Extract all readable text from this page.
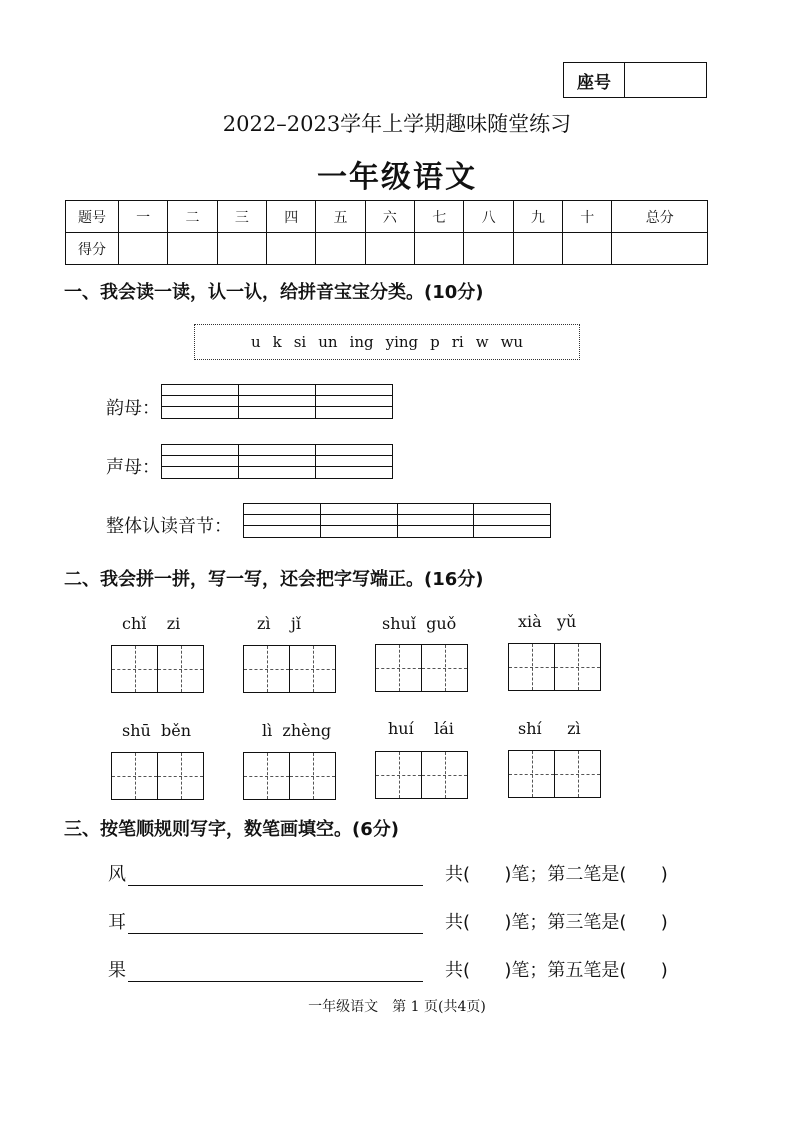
座号
2022–2023学年上学期趣味随堂练习
一年级语文
题号	一	二	三	四	五	六	七	八	九	十	总分
得分											
一、我会读一读，认一认，给拼音宝宝分类。(10分)
u k si un ing ying p ri w wu
韵母：
声母：
整体认读音节：
二、我会拼一拼，写一写，还会把字写端正。(16分)
chǐ zi	zì jǐ	shuǐ guǒ	xià yǔ
shū běn	lì zhèng	huí lái	shí zì
三、按笔顺规则写字，数笔画填空。(6分)
风	共(      )笔；第二笔是(      )
耳	共(      )笔；第三笔是(      )
果	共(      )笔；第五笔是(      )
一年级语文　第 1 页(共4页)
